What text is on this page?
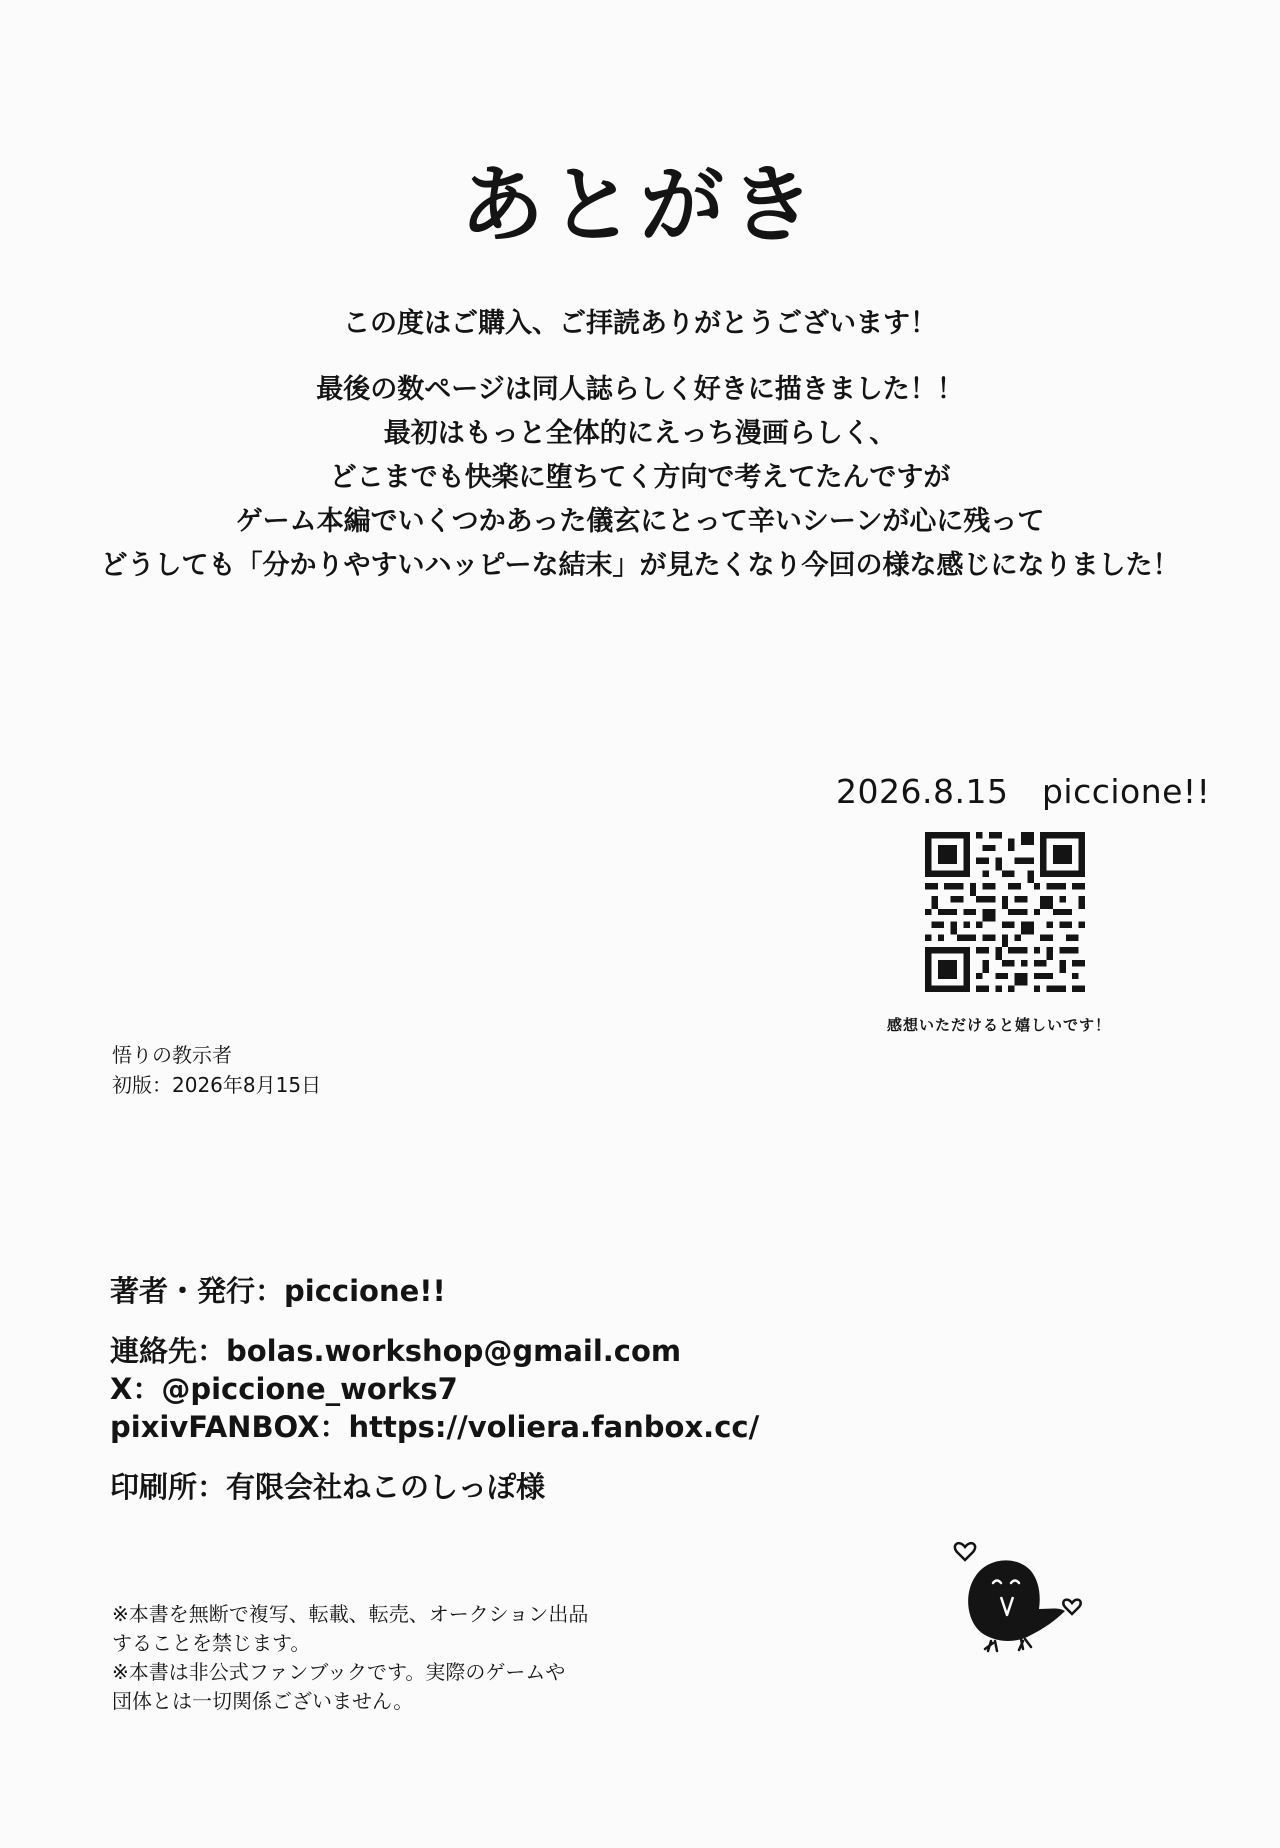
あとがき

この度はご購入、ご拝読ありがとうございます！

最後の数ページは同人誌らしく好きに描きました！！

最初はもっと全体的にえっち漫画らしく、

どこまでも快楽に堕ちてく方向で考えてたんですが

ゲーム本編でいくつかあった儀玄にとって辛いシーンが心に残って

どうしても「分かりやすいハッピーな結末」が見たくなり今回の様な感じになりました！

2026.8.15　piccione!!
感想いただけると嬉しいです！
悟りの教示者
初版：2026年8月15日
著者・発行：piccione!!
連絡先：bolas.workshop@gmail.com
X：@piccione_works7
pixivFANBOX：https://voliera.fanbox.cc/
印刷所：有限会社ねこのしっぽ様
※本書を無断で複写、転載、転売、オークション出品
することを禁じます。
※本書は非公式ファンブックです。実際のゲームや
団体とは一切関係ございません。
